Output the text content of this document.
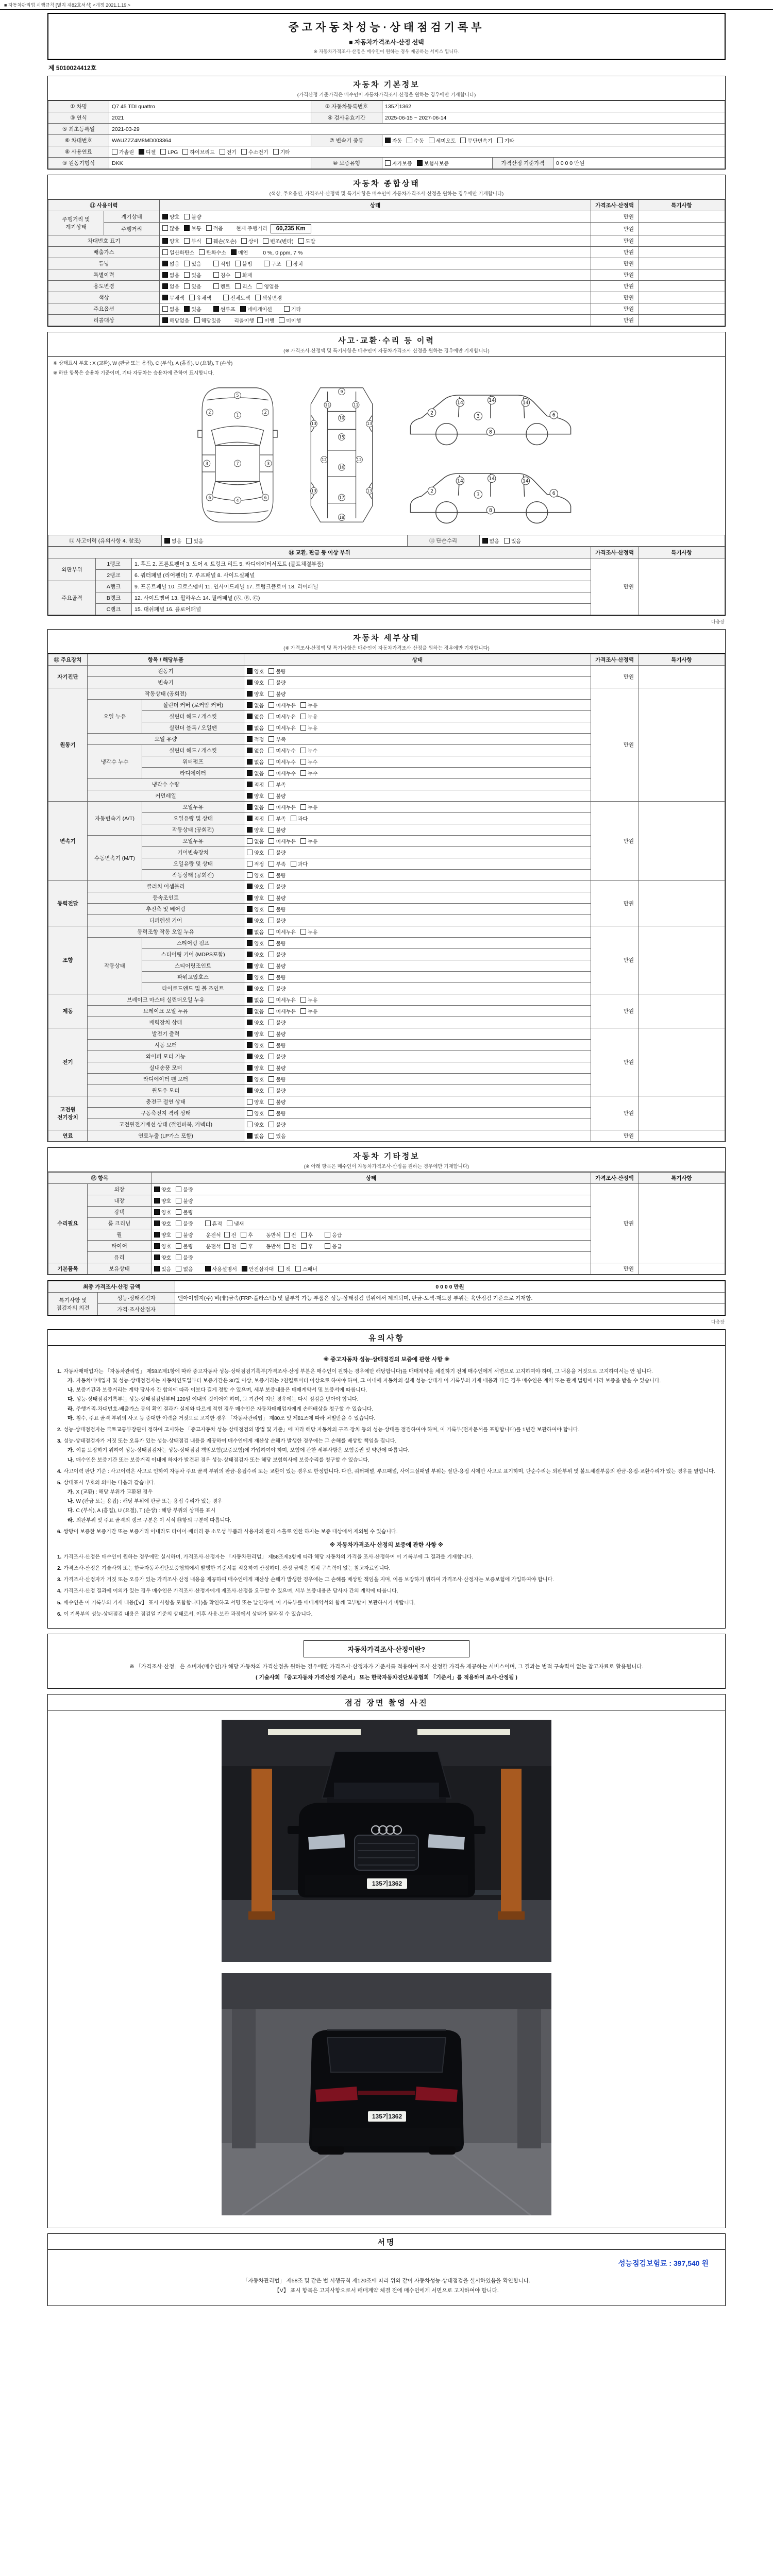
■ 자동차관리법 시행규칙 [별지 제82호서식] <개정 2021.1.19.>
중고자동차성능·상태점검기록부
■ 자동차가격조사·산정 선택
※ 자동차가격조사·산정은 매수인이 원하는 경우 제공하는 서비스 입니다.
제 5010024412호
자동차 기본정보
(가격산정 기준가격은 매수인이 자동차가격조사·산정을 원하는 경우에만 기재합니다)
① 차명	Q7 45 TDI quattro	② 자동차등록번호	135기1362		
③ 연식	2021	④ 검사유효기간	2025-06-15 ~ 2027-06-14		
⑤ 최초등록일	2021-03-29				
⑥ 차대번호	WAUZZZ4M8MD003364	⑦ 변속기 종류	자동 수동 세미오토 무단변속기 기타		
⑧ 사용연료	가솔린 디젤 LPG 하이브리드 전기 수소전기 기타				
⑨ 원동기형식	DKK	⑩ 보증유형	자가보증 보험사보증	가격산정 기준가격	0 0 0 0 만원
자동차 종합상태
(색상, 주요옵션, 가격조사·산정액 및 특기사항은 매수인이 자동차가격조사·산정을 원하는 경우에만 기재합니다)
⑪ 사용이력		상태	가격조사·산정액	특기사항
주행거리 및 계기상태	계기상태	양호 불량	만원	
	주행거리	많음 보통 적음 현재 주행거리 60,235 Km	만원	
차대번호 표기		양호 부식 훼손(오손) 상이 변조(변타) 도말	만원	
배출가스		일산화탄소 탄화수소 매연 0 %, 0 ppm, 7 %	만원	
튜닝		없음 있음 적법 불법 구조 장치	만원	
특별이력		없음 있음 침수 화재	만원	
용도변경		없음 있음 렌트 리스 영업용	만원	
색상		무채색 유채색 전체도색 색상변경	만원	
주요옵션		없음 있음 썬루프 네비게이션 기타	만원	
리콜대상		해당없음 해당있음 리콜이행 이행 미이행	만원	
사고·교환·수리 등 이력
(※ 가격조사·산정액 및 특기사항은 매수인이 자동차가격조사·산정을 원하는 경우에만 기재합니다)
※ 상태표시 부호 : X (교환), W (판금 또는 용접), C (부식), A (흠집), U (요철), T (손상)
※ 하단 항목은 승용차 기준이며, 기타 자동차는 승용차에 준하여 표시합니다.
5
1
2	2
3	3
7
6	6
4
9
11	11
10
13	13
15
12	12
16
13	13
17
18
2
3	6
14	14	14
8
2
3	6
14	14	14
8
⑫ 사고이력 (유의사항 4. 참조)	없음 있음	⑬ 단순수리	없음 있음
⑭ 교환, 판금 등 이상 부위			가격조사·산정액	특기사항
외판부위	1랭크	1. 후드 2. 프론트펜더 3. 도어 4. 트렁크 리드 5. 라디에이터서포트 (볼트체결부품)	만원	
	2랭크	6. 쿼터패널 (리어펜더) 7. 루프패널 8. 사이드실패널		
주요골격	A랭크	9. 프론트패널 10. 크로스멤버 11. 인사이드패널 17. 트렁크플로어 18. 리어패널		
	B랭크	12. 사이드멤버 13. 휠하우스 14. 필러패널 (Ⓐ, Ⓑ, Ⓒ)		
	C랭크	15. 대쉬패널 16. 플로어패널		
다음장
자동차 세부상태
(※ 가격조사·산정액 및 특기사항은 매수인이 자동차가격조사·산정을 원하는 경우에만 기재합니다)
⑮ 주요장치	항목 / 해당부품		상태	가격조사·산정액	특기사항
자기진단	원동기		양호 불량	만원	
	변속기		양호 불량		
원동기	작동상태 (공회전)		양호 불량	만원	
	오일 누유	실린더 커버 (로커암 커버)	없음 미세누유 누유		
		실린더 헤드 / 개스킷	없음 미세누유 누유		
		실린더 블록 / 오일팬	없음 미세누유 누유		
	오일 유량		적정 부족		
	냉각수 누수	실린더 헤드 / 개스킷	없음 미세누수 누수		
		워터펌프	없음 미세누수 누수		
		라디에이터	없음 미세누수 누수		
	냉각수 수량		적정 부족		
	커먼레일		양호 불량		
변속기	자동변속기 (A/T)	오일누유	없음 미세누유 누유	만원	
		오일유량 및 상태	적정 부족 과다		
		작동상태 (공회전)	양호 불량		
	수동변속기 (M/T)	오일누유	없음 미세누유 누유		
		기어변속장치	양호 불량		
		오일유량 및 상태	적정 부족 과다		
		작동상태 (공회전)	양호 불량		
동력전달	클러치 어셈블리		양호 불량	만원	
	등속조인트		양호 불량		
	추진축 및 베어링		양호 불량		
	디퍼렌셜 기어		양호 불량		
조향	동력조향 작동 오일 누유		없음 미세누유 누유	만원	
	작동상태	스티어링 펌프	양호 불량		
		스티어링 기어 (MDPS포함)	양호 불량		
		스티어링조인트	양호 불량		
		파워고압호스	양호 불량		
		타이로드엔드 및 볼 조인트	양호 불량		
제동	브레이크 마스터 실린더오일 누유		없음 미세누유 누유	만원	
	브레이크 오일 누유		없음 미세누유 누유		
	배력장치 상태		양호 불량		
전기	발전기 출력		양호 불량	만원	
	시동 모터		양호 불량		
	와이퍼 모터 기능		양호 불량		
	실내송풍 모터		양호 불량		
	라디에이터 팬 모터		양호 불량		
	윈도우 모터		양호 불량		
고전원 전기장치	충전구 절연 상태		양호 불량	만원	
	구동축전지 격리 상태		양호 불량		
	고전원전기배선 상태 (절연피복, 커넥터)		양호 불량		
연료	연료누출 (LP가스 포함)		없음 있음	만원	
자동차 기타정보
(※ 아래 항목은 매수인이 자동차가격조사·산정을 원하는 경우에만 기재합니다)
⑯ 항목		상태	가격조사·산정액	특기사항
수리필요	외장	양호 불량	만원	
	내장	양호 불량		
	광택	양호 불량		
	룸 크리닝	양호 불량 흔적 냄새		
	휠	양호 불량 운전석 전 후 동반석 전 후 응급		
	타이어	양호 불량 운전석 전 후 동반석 전 후 응급		
	유리	양호 불량		
기본품목	보유상태	있음 없음 사용설명서 안전삼각대 잭 스패너	만원	
최종 가격조사·산정 금액		0 0 0 0 만원
특기사항 및 점검자의 의견	성능·상태점검자	엔아이엠지(주) 비(非)금속(FRP·플라스틱) 및 탈부착 가능 부품은 성능·상태점검 범위에서 제외되며, 판금·도색·재도장 부위는 육안점검 기준으로 기재함.
	가격·조사산정자	
다음장
유의사항
※ 중고자동차 성능·상태점검의 보증에 관한 사항 ※
1. 자동차매매업자는 「자동차관리법」 제58조제1항에 따라 중고자동차 성능·상태점검기록부(가격조사·산정 부분은 매수인이 원하는 경우에만 해당합니다)를 매매계약을 체결하기 전에 매수인에게 서면으로 고지하여야 하며, 그 내용을 거짓으로 고지하여서는 안 됩니다.
가. 자동차매매업자 및 성능·상태점검자는 자동차인도일부터 보증기간은 30일 이상, 보증거리는 2천킬로미터 이상으로 하여야 하며, 그 이내에 자동차의 실제 성능·상태가 이 기록부의 기재 내용과 다른 경우 매수인은 계약 또는 관계 법령에 따라 보증을 받을 수 있습니다.
나. 보증기간과 보증거리는 계약 당사자 간 합의에 따라 이보다 길게 정할 수 있으며, 세부 보증내용은 매매계약서 및 보증서에 따릅니다.
다. 성능·상태점검기록부는 성능·상태점검일부터 120일 이내의 것이어야 하며, 그 기간이 지난 경우에는 다시 점검을 받아야 합니다.
라. 주행거리·차대번호·배출가스 등의 확인 결과가 실제와 다르게 적힌 경우 매수인은 자동차매매업자에게 손해배상을 청구할 수 있습니다.
마. 침수, 주요 골격 부위의 사고 등 중대한 이력을 거짓으로 고지한 경우 「자동차관리법」 제80조 및 제81조에 따라 처벌받을 수 있습니다.
2. 성능·상태점검자는 국토교통부장관이 정하여 고시하는 「중고자동차 성능·상태점검의 방법 및 기준」에 따라 해당 자동차의 구조·장치 등의 성능·상태를 점검하여야 하며, 이 기록부(전자문서를 포함합니다)를 1년간 보관하여야 합니다.
3. 성능·상태점검자가 거짓 또는 오류가 있는 성능·상태점검 내용을 제공하여 매수인에게 재산상 손해가 발생한 경우에는 그 손해를 배상할 책임을 집니다.
가. 이를 보장하기 위하여 성능·상태점검자는 성능·상태점검 책임보험(보증보험)에 가입하여야 하며, 보험에 관한 세부사항은 보험증권 및 약관에 따릅니다.
나. 매수인은 보증기간 또는 보증거리 이내에 하자가 발견된 경우 성능·상태점검자 또는 해당 보험회사에 보증수리를 청구할 수 있습니다.
4. 사고이력 판단 기준 : 사고이력은 사고로 인하여 자동차 주요 골격 부위의 판금·용접수리 또는 교환이 있는 경우로 한정합니다. 다만, 쿼터패널, 루프패널, 사이드실패널 부위는 절단·용접 시에만 사고로 표기하며, 단순수리는 외판부위 및 볼트체결부품의 판금·용접·교환수리가 있는 경우를 말합니다.
5. 상태표시 부호의 의미는 다음과 같습니다.
가. X (교환) : 해당 부위가 교환된 경우
나. W (판금 또는 용접) : 해당 부위에 판금 또는 용접 수리가 있는 경우
다. C (부식), A (흠집), U (요철), T (손상) : 해당 부위의 상태를 표시
라. 외판부위 및 주요 골격의 랭크 구분은 이 서식 ⑭항의 구분에 따릅니다.
6. 쌍방이 보증한 보증기간 또는 보증거리 이내라도 타이어·배터리 등 소모성 부품과 사용자의 관리 소홀로 인한 하자는 보증 대상에서 제외될 수 있습니다.
※ 자동차가격조사·산정의 보증에 관한 사항 ※
1. 가격조사·산정은 매수인이 원하는 경우에만 실시하며, 가격조사·산정자는 「자동차관리법」 제58조제3항에 따라 해당 자동차의 가격을 조사·산정하여 이 기록부에 그 결과를 기재합니다.
2. 가격조사·산정은 기술사회 또는 한국자동차진단보증협회에서 발행한 기준서를 적용하여 산정하며, 산정 금액은 법적 구속력이 없는 참고자료입니다.
3. 가격조사·산정자가 거짓 또는 오류가 있는 가격조사·산정 내용을 제공하여 매수인에게 재산상 손해가 발생한 경우에는 그 손해를 배상할 책임을 지며, 이를 보장하기 위하여 가격조사·산정자는 보증보험에 가입하여야 합니다.
4. 가격조사·산정 결과에 이의가 있는 경우 매수인은 가격조사·산정자에게 재조사·산정을 요구할 수 있으며, 세부 보증내용은 당사자 간의 계약에 따릅니다.
5. 매수인은 이 기록부의 기재 내용(【V】 표시 사항을 포함합니다)을 확인하고 서명 또는 날인하며, 이 기록부를 매매계약서와 함께 교부받아 보관하시기 바랍니다.
6. 이 기록부의 성능·상태점검 내용은 점검일 기준의 상태로서, 이후 사용·보관 과정에서 상태가 달라질 수 있습니다.
자동차가격조사·산정이란?
※ 「가격조사·산정」은 소비자(매수인)가 해당 자동차의 가격산정을 원하는 경우에만 가격조사·산정자가 기준서를 적용하여 조사·산정한 가격을 제공하는 서비스이며, 그 결과는 법적 구속력이 없는 참고자료로 활용됩니다.
( 기술사회 「중고자동차 가격산정 기준서」 또는 한국자동차진단보증협회 「기준서」를 적용하여 조사·산정됨 )
점검 장면 촬영 사진
135기1362
135기1362
서명
성능점검보험료 : 397,540 원
「자동차관리법」 제58조 및 같은 법 시행규칙 제120조에 따라 위와 같이 자동차성능·상태점검을 실시하였음을 확인합니다.
【V】 표시 항목은 고지사항으로서 매매계약 체결 전에 매수인에게 서면으로 고지하여야 합니다.
